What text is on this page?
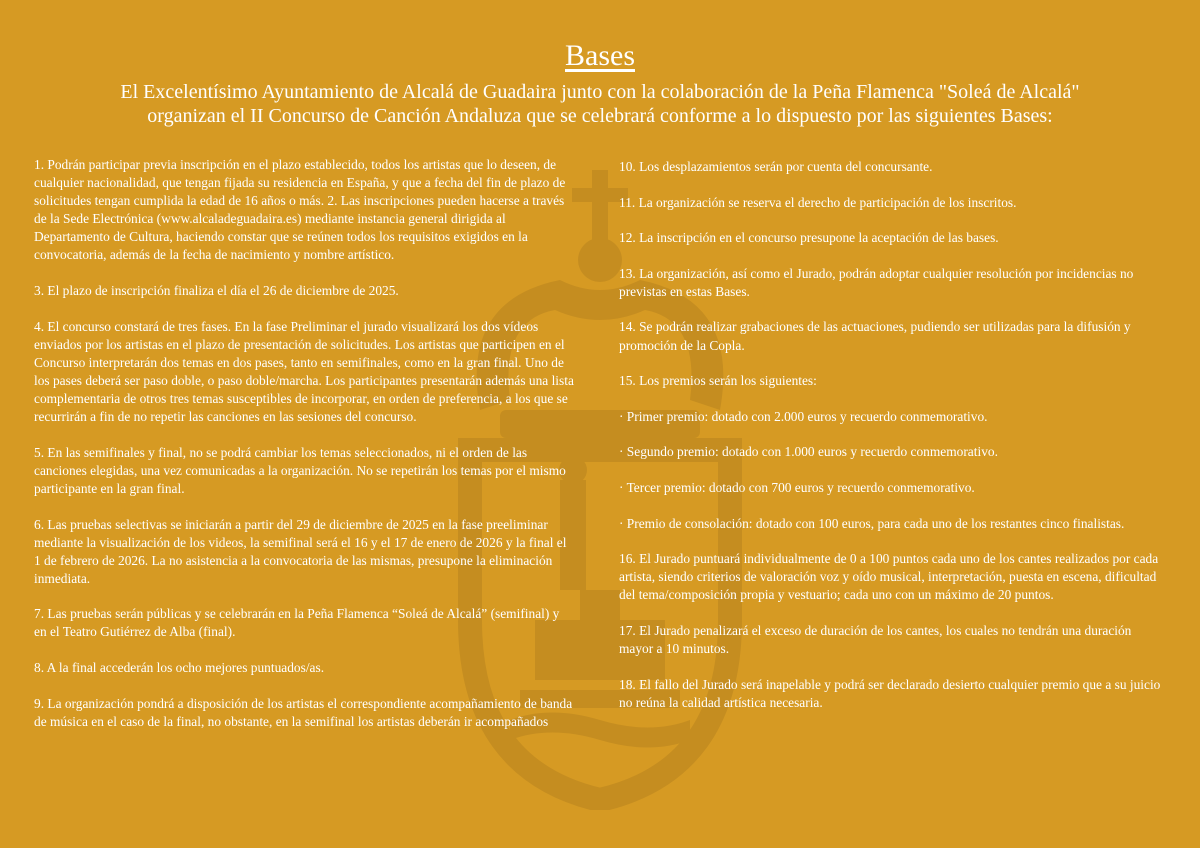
Bases

El Excelentísimo Ayuntamiento de Alcalá de Guadaira junto con la colaboración de la Peña Flamenca "Soleá de Alcalá" organizan el II Concurso de Canción Andaluza que se celebrará conforme a lo dispuesto por las siguientes Bases:

1. Podrán participar previa inscripción en el plazo establecido, todos los artistas que lo deseen, de cualquier nacionalidad, que tengan fijada su residencia en España, y que a fecha del fin de plazo de solicitudes tengan cumplida la edad de 16 años o más. 2. Las inscripciones pueden hacerse a través de la Sede Electrónica (www.alcaladeguadaira.es) mediante instancia general dirigida al Departamento de Cultura, haciendo constar que se reúnen todos los requisitos exigidos en la convocatoria, además de la fecha de nacimiento y nombre artístico.

3. El plazo de inscripción finaliza el día el 26 de diciembre de 2025.

4. El concurso constará de tres fases. En la fase Preliminar el jurado visualizará los dos vídeos enviados por los artistas en el plazo de presentación de solicitudes. Los artistas que participen en el Concurso interpretarán dos temas en dos pases, tanto en semifinales, como en la gran final. Uno de los pases deberá ser paso doble, o paso doble/marcha. Los participantes presentarán además una lista complementaria de otros tres temas susceptibles de incorporar, en orden de preferencia, a los que se recurrirán a fin de no repetir las canciones en las sesiones del concurso.

5. En las semifinales y final, no se podrá cambiar los temas seleccionados, ni el orden de las canciones elegidas, una vez comunicadas a la organización. No se repetirán los temas por el mismo participante en la gran final.

6. Las pruebas selectivas se iniciarán a partir del 29 de diciembre de 2025 en la fase preeliminar mediante la visualización de los videos, la semifinal será el 16 y el 17 de enero de 2026 y la final el 1 de febrero de 2026. La no asistencia a la convocatoria de las mismas, presupone la eliminación inmediata.

7. Las pruebas serán públicas y se celebrarán en la Peña Flamenca “Soleá de Alcalá” (semifinal) y en el Teatro Gutiérrez de Alba (final).

8. A la final accederán los ocho mejores puntuados/as.

9. La organización pondrá a disposición de los artistas el correspondiente acompañamiento de banda de música en el caso de la final, no obstante, en la semifinal los artistas deberán ir acompañados

10. Los desplazamientos serán por cuenta del concursante.

11. La organización se reserva el derecho de participación de los inscritos.

12. La inscripción en el concurso presupone la aceptación de las bases.

13. La organización, así como el Jurado, podrán adoptar cualquier resolución por incidencias no previstas en estas Bases.

14. Se podrán realizar grabaciones de las actuaciones, pudiendo ser utilizadas para la difusión y promoción de la Copla.

15. Los premios serán los siguientes:

· Primer premio: dotado con 2.000 euros y recuerdo conmemorativo.

· Segundo premio: dotado con 1.000 euros y recuerdo conmemorativo.

· Tercer premio: dotado con 700 euros y recuerdo conmemorativo.

· Premio de consolación: dotado con 100 euros, para cada uno de los restantes cinco finalistas.

16. El Jurado puntuará individualmente de 0 a 100 puntos cada uno de los cantes realizados por cada artista, siendo criterios de valoración voz y oído musical, interpretación, puesta en escena, dificultad del tema/composición propia y vestuario; cada uno con un máximo de 20 puntos.

17. El Jurado penalizará el exceso de duración de los cantes, los cuales no tendrán una duración mayor a 10 minutos.

18. El fallo del Jurado será inapelable y podrá ser declarado desierto cualquier premio que a su juicio no reúna la calidad artística necesaria.
